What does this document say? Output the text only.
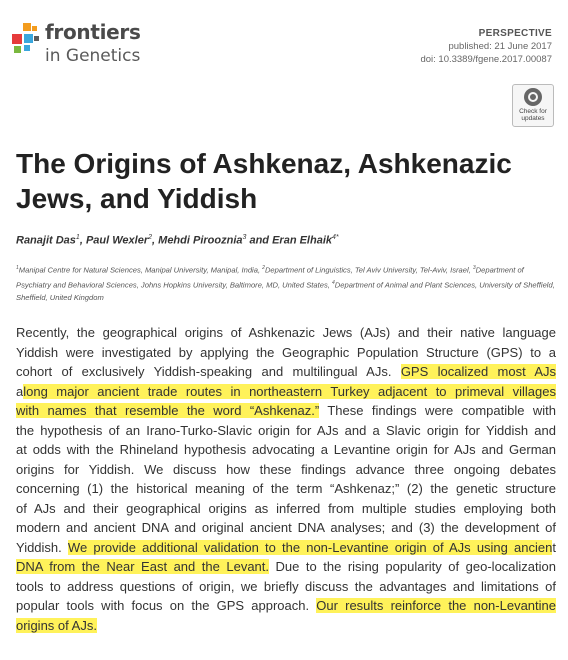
frontiers
in Genetics
PERSPECTIVE
published: 21 June 2017
doi: 10.3389/fgene.2017.00087
Check for
updates
The Origins of Ashkenaz, Ashkenazic
Jews, and Yiddish
Ranajit Das$^1$, Paul Wexler$^2$, Mehdi Pirooznia$^3$ and Eran Elhaik$^{4*}$
$^1$Manipal Centre for Natural Sciences, Manipal University, Manipal, India, $^2$Department of Linguistics, Tel Aviv University, Tel-Aviv, Israel, $^3$Department of Psychiatry and Behavioral Sciences, Johns Hopkins University, Baltimore, MD, United States, $^4$Department of Animal and Plant Sciences, University of Sheffield, Sheffield, United Kingdom
Recently, the geographical origins of Ashkenazic Jews (AJs) and their native language
Yiddish were investigated by applying the Geographic Population Structure (GPS) to a
cohort of exclusively Yiddish-speaking and multilingual AJs. GPS localized most AJs
along major ancient trade routes in northeastern Turkey adjacent to primeval villages
with names that resemble the word “Ashkenaz.” These findings were compatible with
the hypothesis of an Irano-Turko-Slavic origin for AJs and a Slavic origin for Yiddish and
at odds with the Rhineland hypothesis advocating a Levantine origin for AJs and German
origins for Yiddish. We discuss how these findings advance three ongoing debates
concerning (1) the historical meaning of the term “Ashkenaz;” (2) the genetic structure
of AJs and their geographical origins as inferred from multiple studies employing both
modern and ancient DNA and original ancient DNA analyses; and (3) the development of
Yiddish. We provide additional validation to the non-Levantine origin of AJs using ancient
DNA from the Near East and the Levant. Due to the rising popularity of geo-localization
tools to address questions of origin, we briefly discuss the advantages and limitations of
popular tools with focus on the GPS approach. Our results reinforce the non-Levantine
origins of AJs.
